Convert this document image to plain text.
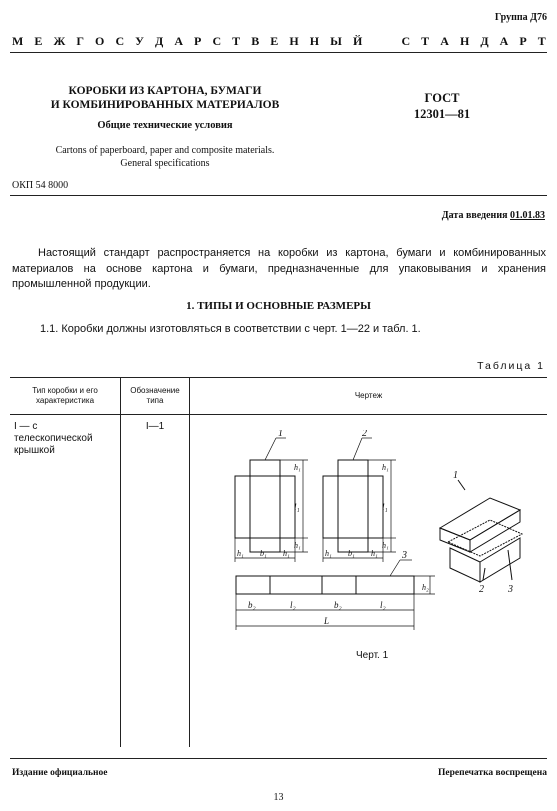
Группа Д76
М Е Ж Г О С У Д А Р С Т В Е Н Н Ы Й

	С Т А Н Д А Р Т
КОРОБКИ ИЗ КАРТОНА, БУМАГИ
И КОМБИНИРОВАННЫХ МАТЕРИАЛОВ
Общие технические условия
Cartons of paperboard, paper and composite materials.
General specifications
ГОСТ
12301—81
ОКП 54 8000
Дата введения 01.01.83
Настоящий стандарт распространяется на коробки из картона, бумаги и комбинированных материалов на основе картона и бумаги, предназначенные для упаковывания и хранения промышленной продукции.
1. ТИПЫ И ОСНОВНЫЕ РАЗМЕРЫ
1.1. Коробки должны изготовляться в соответствии с черт. 1—22 и табл. 1.
Таблица 1
Тип коробки и его характеристика	Обозначение типа	Чертеж
I — с телескопической крышкой	I—1	
1	2
3
1
2 3
h₁
l₁
h₁
h₁
l₁
h₁
h₁ b₁ h₁	h₁ b₁ h₁
h₂
b₂	l₂	b₂	l₂
L
Черт. 1
Издание официальное	Перепечатка воспрещена
13
